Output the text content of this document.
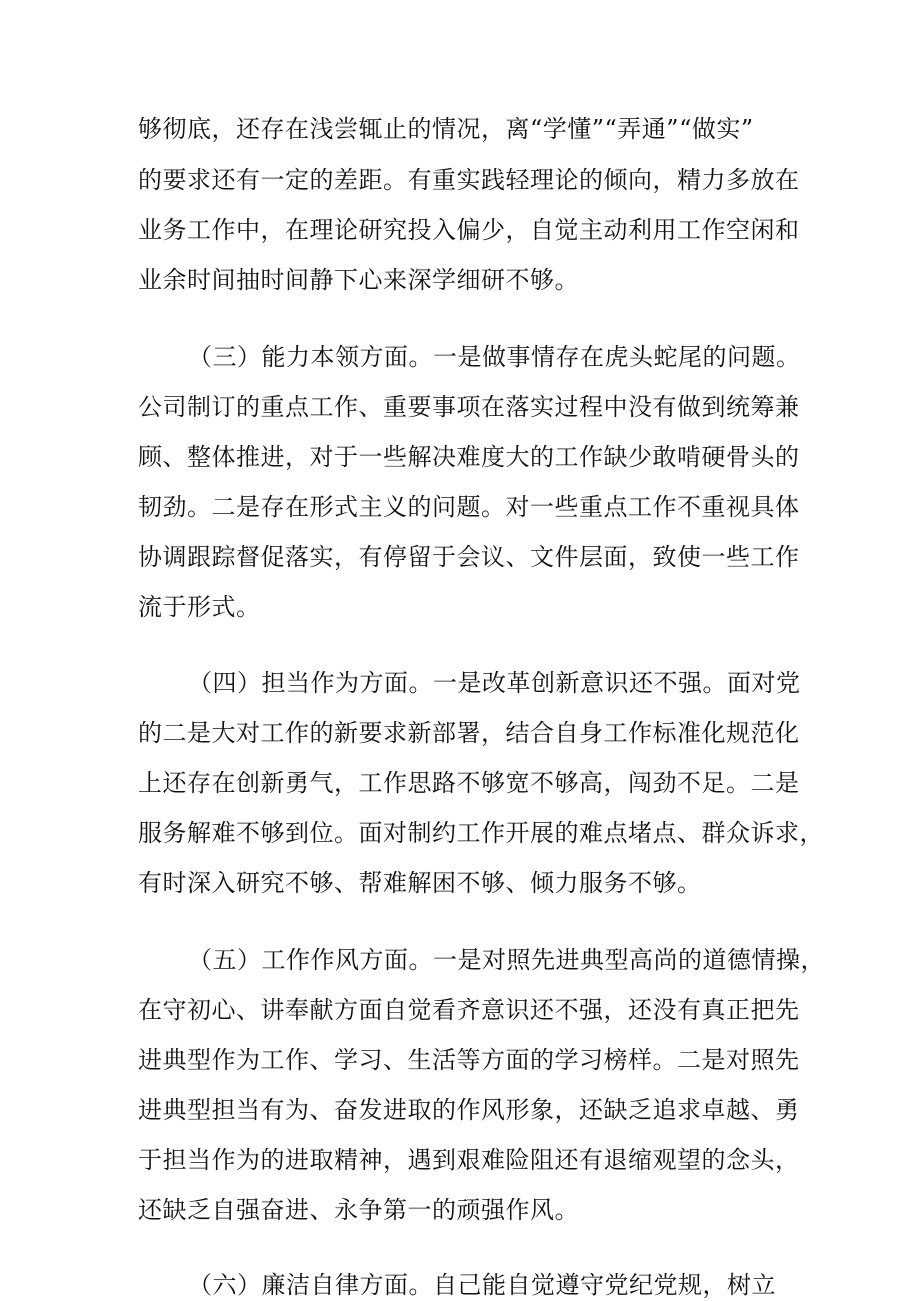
够彻底，还存在浅尝辄止的情况，离“学懂”“弄通”“做实”
的要求还有一定的差距。有重实践轻理论的倾向，精力多放在
业务工作中，在理论研究投入偏少，自觉主动利用工作空闲和
业余时间抽时间静下心来深学细研不够。
（三）能力本领方面。一是做事情存在虎头蛇尾的问题。
公司制订的重点工作、重要事项在落实过程中没有做到统筹兼
顾、整体推进，对于一些解决难度大的工作缺少敢啃硬骨头的
韧劲。二是存在形式主义的问题。对一些重点工作不重视具体
协调跟踪督促落实，有停留于会议、文件层面，致使一些工作
流于形式。
（四）担当作为方面。一是改革创新意识还不强。面对党
的二是大对工作的新要求新部署，结合自身工作标准化规范化
上还存在创新勇气，工作思路不够宽不够高，闯劲不足。二是
服务解难不够到位。面对制约工作开展的难点堵点、群众诉求，
有时深入研究不够、帮难解困不够、倾力服务不够。
（五）工作作风方面。一是对照先进典型高尚的道德情操，
在守初心、讲奉献方面自觉看齐意识还不强，还没有真正把先
进典型作为工作、学习、生活等方面的学习榜样。二是对照先
进典型担当有为、奋发进取的作风形象，还缺乏追求卓越、勇
于担当作为的进取精神，遇到艰难险阻还有退缩观望的念头，
还缺乏自强奋进、永争第一的顽强作风。
（六）廉洁自律方面。自己能自觉遵守党纪党规，树立
